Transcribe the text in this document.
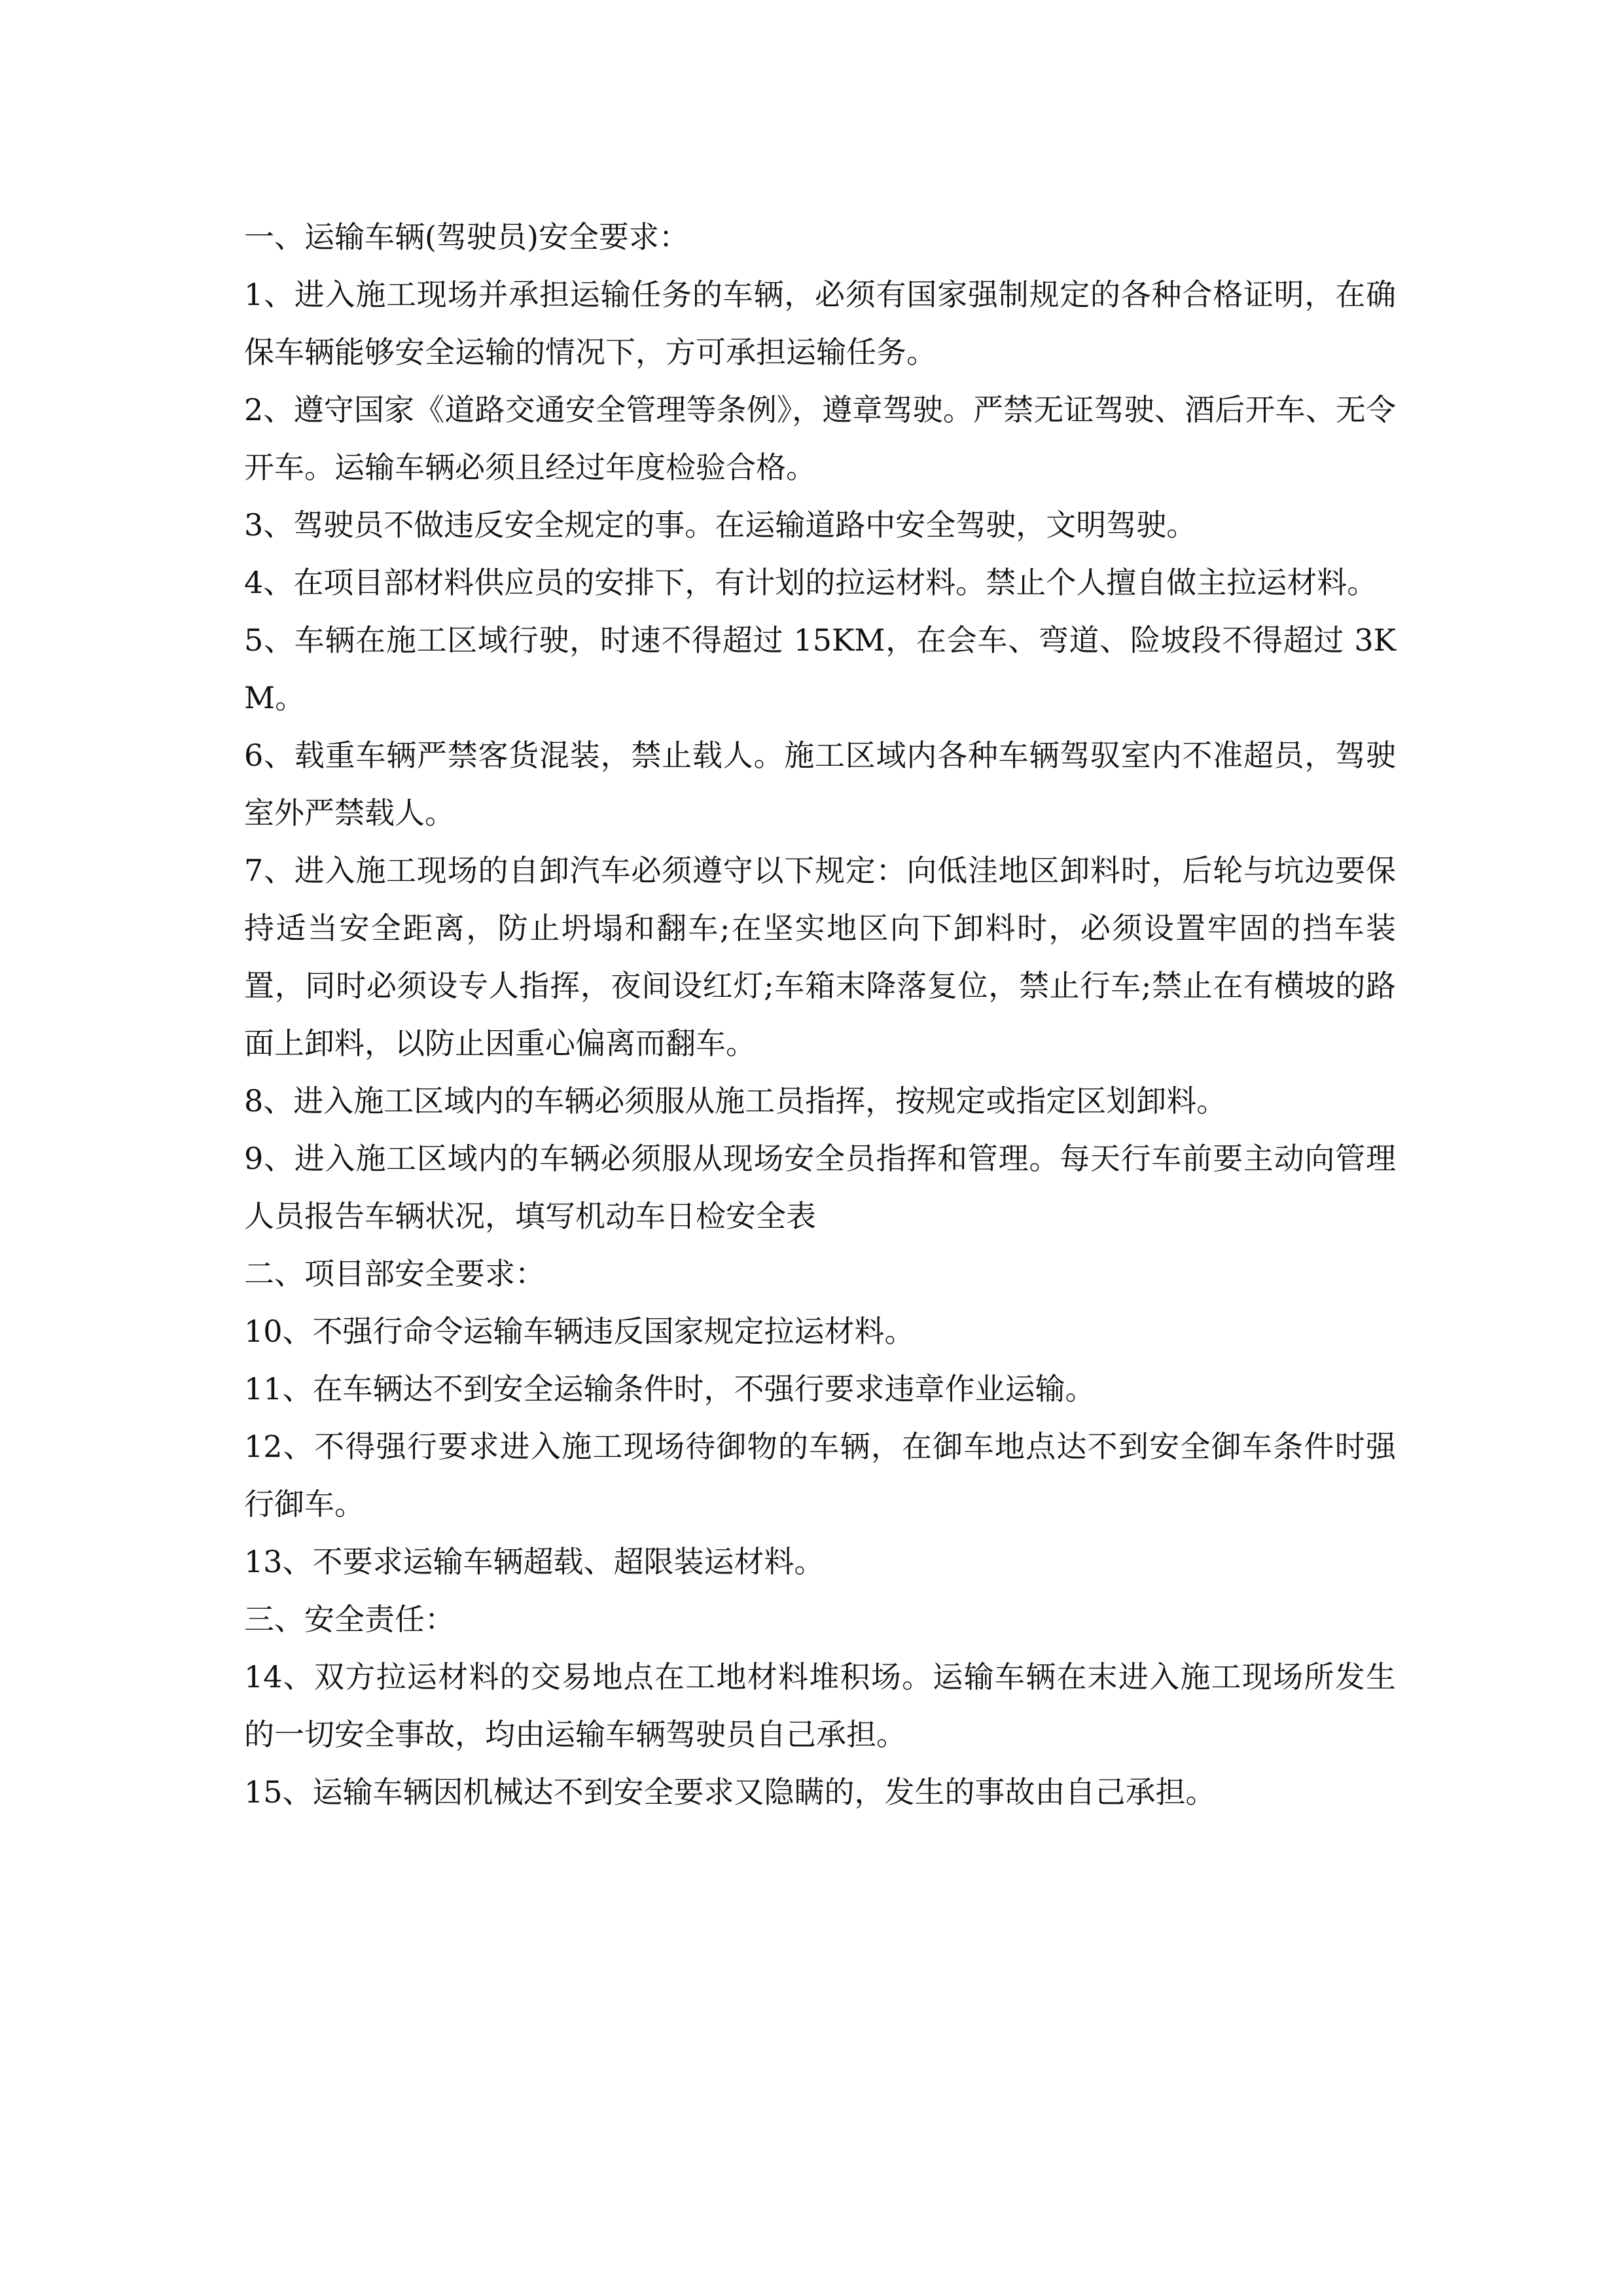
一、运输车辆(驾驶员)安全要求：

1、进入施工现场并承担运输任务的车辆，必须有国家强制规定的各种合格证明，在确保车辆能够安全运输的情况下，方可承担运输任务。

2、遵守国家《道路交通安全管理等条例》，遵章驾驶。严禁无证驾驶、酒后开车、无令开车。运输车辆必须且经过年度检验合格。

3、驾驶员不做违反安全规定的事。在运输道路中安全驾驶，文明驾驶。

4、在项目部材料供应员的安排下，有计划的拉运材料。禁止个人擅自做主拉运材料。

5、车辆在施工区域行驶，时速不得超过 15KM，在会车、弯道、险坡段不得超过 3KM。

6、载重车辆严禁客货混装，禁止载人。施工区域内各种车辆驾驭室内不准超员，驾驶室外严禁载人。

7、进入施工现场的自卸汽车必须遵守以下规定：向低洼地区卸料时，后轮与坑边要保持适当安全距离，防止坍塌和翻车;在坚实地区向下卸料时，必须设置牢固的挡车装置，同时必须设专人指挥，夜间设红灯;车箱末降落复位，禁止行车;禁止在有横坡的路面上卸料，以防止因重心偏离而翻车。

8、进入施工区域内的车辆必须服从施工员指挥，按规定或指定区划卸料。

9、进入施工区域内的车辆必须服从现场安全员指挥和管理。每天行车前要主动向管理人员报告车辆状况，填写机动车日检安全表

二、项目部安全要求：

10、不强行命令运输车辆违反国家规定拉运材料。

11、在车辆达不到安全运输条件时，不强行要求违章作业运输。

12、不得强行要求进入施工现场待御物的车辆，在御车地点达不到安全御车条件时强行御车。

13、不要求运输车辆超载、超限装运材料。

三、安全责任：

14、双方拉运材料的交易地点在工地材料堆积场。运输车辆在末进入施工现场所发生的一切安全事故，均由运输车辆驾驶员自己承担。

15、运输车辆因机械达不到安全要求又隐瞒的，发生的事故由自己承担。
